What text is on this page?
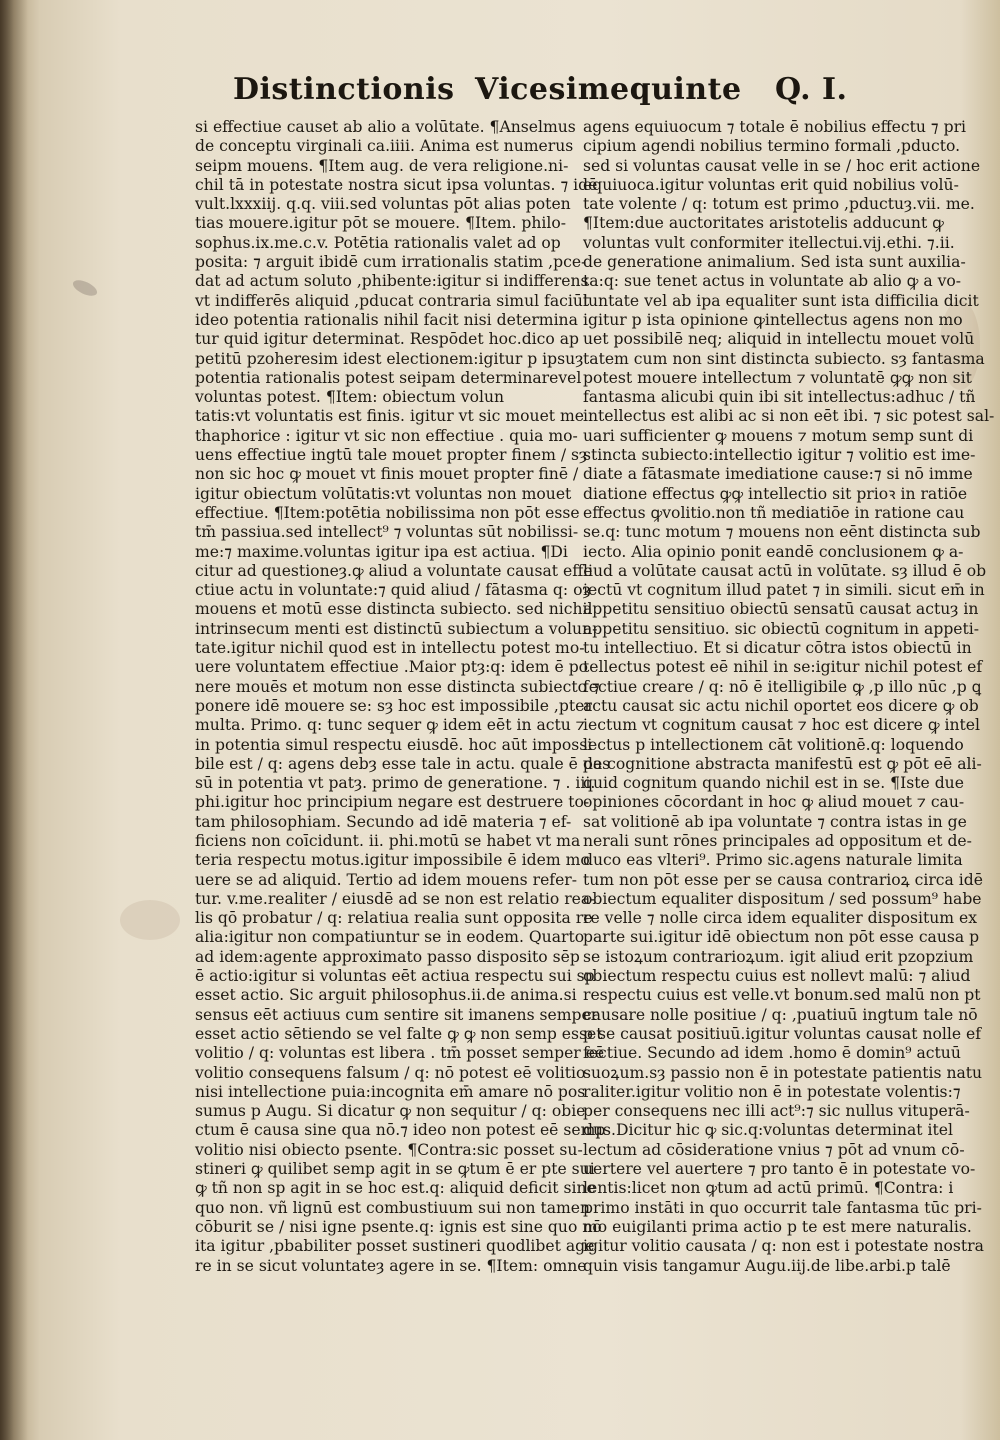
Distinctionis Vicesimequinte Q. I.
si effectiue causet ab alio a volūtate. ¶Anselmus
de conceptu virginali ca.iiii. Anima est numerus
seipm mouens. ¶Item aug. de vera religione.ni-
chil tā in potestate nostra sicut ipsa voluntas. ⁊ idē
vult.lxxxiij. q.q. viii.sed voluntas pōt alias poten
tias mouere.igitur pōt se mouere. ¶Item. philo-
sophus.ix.me.c.v. Potētia rationalis valet ad op
posita: ⁊ arguit ibidē cum irrationalis statim ,pce-
dat ad actum soluto ,phibente:igitur si indifferens
vt indifferēs aliquid ,pducat contraria simul faciūt
ideo potentia rationalis nihil facit nisi determina
tur quid igitur determinat. Respōdet hoc.dico ap
petitū pzoheresim idest electionem:igitur p ipsuȝ
potentia rationalis potest seipam determinarevel
voluntas potest. ¶Item: obiectum volun
tatis:vt voluntatis est finis. igitur vt sic mouet me
thaphorice : igitur vt sic non effectiue . quia mo-
uens effectiue ingtū tale mouet propter finem / sȝ
non sic hoc ꝙ mouet vt finis mouet propter finē /
igitur obiectum volūtatis:vt voluntas non mouet
effectiue. ¶Item:potētia nobilissima non pōt esse
tm̄ passiua.sed intellect⁹ ⁊ voluntas sūt nobilissi-
me:⁊ maxime.voluntas igitur ipa est actiua. ¶Di
citur ad questioneȝ.ꝙ aliud a voluntate causat effe
ctiue actu in voluntate:⁊ quid aliud / fātasma q: oȝ
mouens et motū esse distincta subiecto. sed nichil
intrinsecum menti est distinctū subiectum a volun-
tate.igitur nichil quod est in intellectu potest mo-
uere voluntatem effectiue .Maior ptȝ:q: idem ē po
nere mouēs et motum non esse distincta subiecto ⁊
ponere idē mouere se: sȝ hoc est impossibile ,pter
multa. Primo. q: tunc sequer ꝙ idem eēt in actu ⁊
in potentia simul respectu eiusdē. hoc aūt impossi
bile est / q: agens debȝ esse tale in actu. quale ē pas
sū in potentia vt patȝ. primo de generatione. ⁊ . iii.
phi.igitur hoc principium negare est destruere to-
tam philosophiam. Secundo ad idē materia ⁊ ef-
ficiens non coīcidunt. ii. phi.motū se habet vt ma
teria respectu motus.igitur impossibile ē idem mo
uere se ad aliquid. Tertio ad idem mouens refer-
tur. v.me.realiter / eiusdē ad se non est relatio rea-
lis qō probatur / q: relatiua realia sunt opposita re
alia:igitur non compatiuntur se in eodem. Quarto
ad idem:agente approximato passo disposito sēp
ē actio:igitur si voluntas eēt actiua respectu sui sp
esset actio. Sic arguit philosophus.ii.de anima.si
sensus eēt actiuus cum sentire sit imanens semper
esset actio sētiendo se vel falte ꝙ ꝙ non semp esset
volitio / q: voluntas est libera . tm̄ posset semper eē
volitio consequens falsum / q: nō potest eē volitio
nisi intellectione puia:incognita em̄ amare nō pos
sumus p Augu. Si dicatur ꝙ non sequitur / q: obie
ctum ē causa sine qua nō.⁊ ideo non potest eē semp
volitio nisi obiecto psente. ¶Contra:sic posset su-
stineri ꝙ quilibet semp agit in se ꝙtum ē er pte sui
ꝙ tñ non sp agit in se hoc est.q: aliquid deficit sine
quo non. vñ lignū est combustiuum sui non tamen
cōburit se / nisi igne psente.q: ignis est sine quo nō
ita igitur ,pbabiliter posset sustineri quodlibet age
re in se sicut voluntateȝ agere in se. ¶Item: omne
agens equiuocum ⁊ totale ē nobilius effectu ⁊ pri
cipium agendi nobilius termino formali ,pducto.
sed si voluntas causat velle in se / hoc erit actione
equiuoca.igitur voluntas erit quid nobilius volū-
tate volente / q: totum est primo ,pductuȝ.vii. me.
¶Item:due auctoritates aristotelis adducunt ꝙ
voluntas vult conformiter itellectui.vij.ethi. ⁊.ii.
de generatione animalium. Sed ista sunt auxilia-
ta:q: sue tenet actus in voluntate ab alio ꝙ a vo-
luntate vel ab ipa equaliter sunt ista difficilia dicit
igitur p ista opinione ꝙintellectus agens non mo
uet possibilē neq; aliquid in intellectu mouet volū
tatem cum non sint distincta subiecto. sȝ fantasma
potest mouere intellectum ⁊ voluntatē ꝙꝙ non sit
fantasma alicubi quin ibi sit intellectus:adhuc / tñ
intellectus est alibi ac si non eēt ibi. ⁊ sic potest sal-
uari sufficienter ꝙ mouens ⁊ motum semp sunt di
stincta subiecto:intellectio igitur ⁊ volitio est ime-
diate a fātasmate imediatione cause:⁊ si nō imme
diatione effectus ꝙꝙ intellectio sit prioꝛ in ratiōe
effectus ꝙvolitio.non tñ mediatiōe in ratione cau
se.q: tunc motum ⁊ mouens non eēnt distincta sub
iecto. Alia opinio ponit eandē conclusionem ꝙ a-
liud a volūtate causat actū in volūtate. sȝ illud ē ob
iectū vt cognitum illud patet ⁊ in simili. sicut em̄ in
appetitu sensitiuo obiectū sensatū causat actuȝ in
appetitu sensitiuo. sic obiectū cognitum in appeti-
tu intellectiuo. Et si dicatur cōtra istos obiectū in
tellectus potest eē nihil in se:igitur nichil potest ef
fectiue creare / q: nō ē itelligibile ꝙ ,p illo nūc ,p ꝗ
actu causat sic actu nichil oportet eos dicere ꝙ ob
iectum vt cognitum causat ⁊ hoc est dicere ꝙ intel
lectus p intellectionem cāt volitionē.q: loquendo
de cognitione abstracta manifestū est ꝙ pōt eē ali-
quid cognitum quando nichil est in se. ¶Iste due
opiniones cōcordant in hoc ꝙ aliud mouet ⁊ cau-
sat volitionē ab ipa voluntate ⁊ contra istas in ge
nerali sunt rōnes principales ad oppositum et de-
duco eas vlteri⁹. Primo sic.agens naturale limita
tum non pōt esse per se causa contrarioꝝ circa idē
obiectum equaliter dispositum / sed possum⁹ habe
re velle ⁊ nolle circa idem equaliter dispositum ex
parte sui.igitur idē obiectum non pōt esse causa p
se istoꝝum contrarioꝝum. igit aliud erit pzopzium
obiectum respectu cuius est nollevt malū: ⁊ aliud
respectu cuius est velle.vt bonum.sed malū non pt
causare nolle positiue / q: ,puatiuū ingtum tale nō
p se causat positiuū.igitur voluntas causat nolle ef
fectiue. Secundo ad idem .homo ē domin⁹ actuū
suoꝝum.sȝ passio non ē in potestate patientis natu
raliter.igitur volitio non ē in potestate volentis:⁊
per consequens nec illi act⁹:⁊ sic nullus vituperā-
dus.Dicitur hic ꝙ sic.q:voluntas determinat itel
lectum ad cōsideratione vnius ⁊ pōt ad vnum cō-
uertere vel auertere ⁊ pro tanto ē in potestate vo-
lentis:licet non ꝙtum ad actū primū. ¶Contra: i
primo instāti in quo occurrit tale fantasma tūc pri-
mo euigilanti prima actio p te est mere naturalis.
igitur volitio causata / q: non est i potestate nostra
quin visis tangamur Augu.iij.de libe.arbi.p talē
